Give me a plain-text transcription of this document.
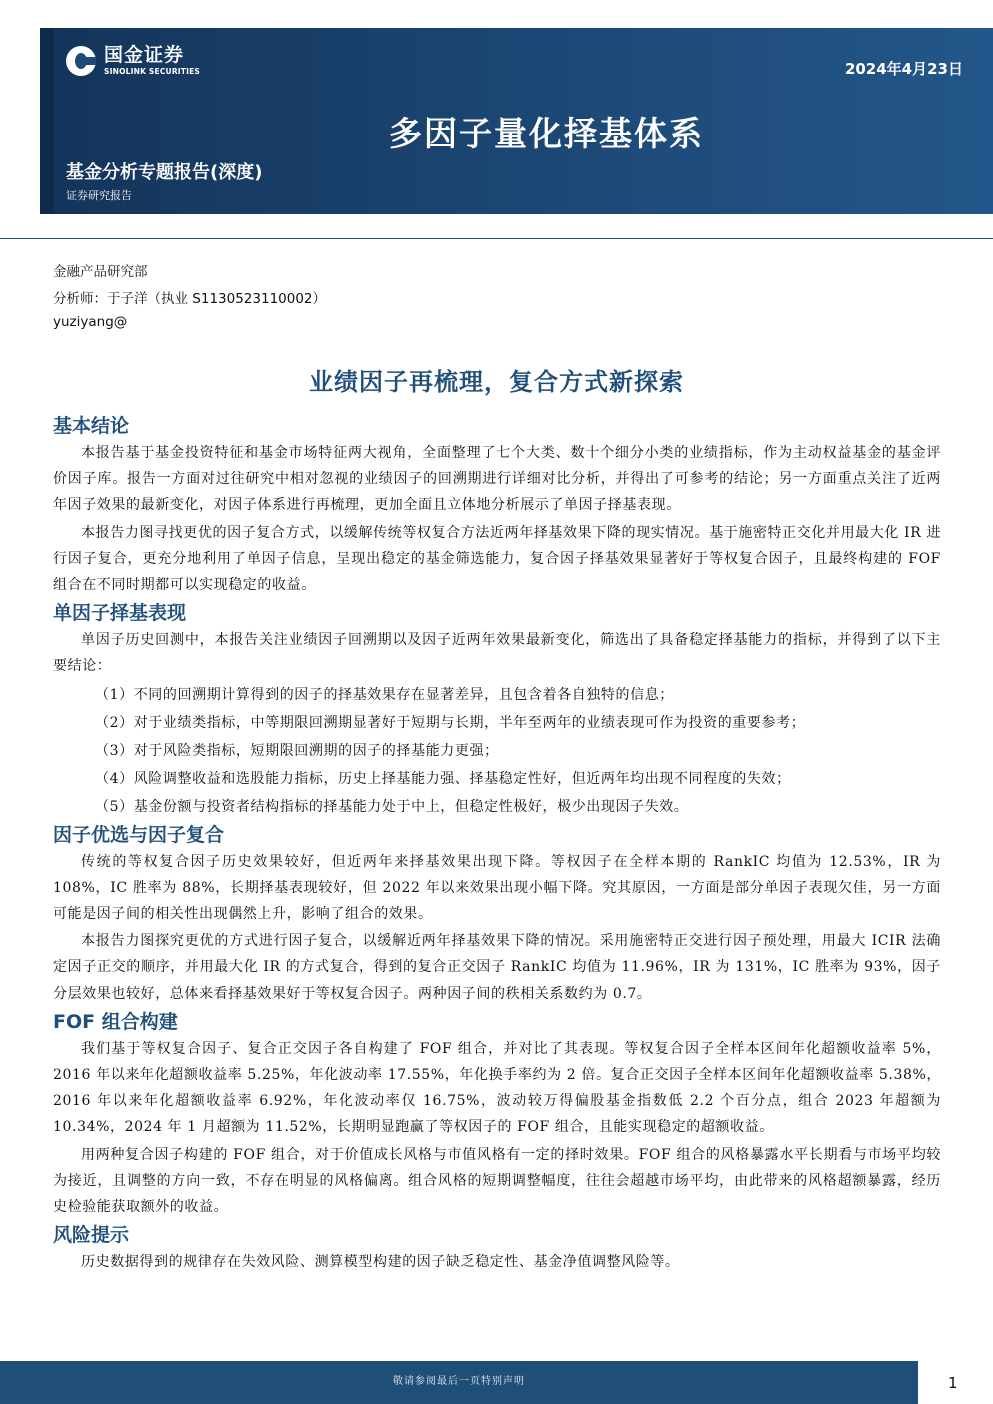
国金证券
SINOLINK SECURITIES	2024年4月23日
多因子量化择基体系
基金分析专题报告(深度)
证券研究报告
金融产品研究部
分析师：于子洋（执业 S1130523110002）
yuziyang@
业绩因子再梳理，复合方式新探索
基本结论

本报告基于基金投资特征和基金市场特征两大视角，全面整理了七个大类、数十个细分小类的业绩指标，作为主动权益基金的基金评价因子库。报告一方面对过往研究中相对忽视的业绩因子的回溯期进行详细对比分析，并得出了可参考的结论；另一方面重点关注了近两年因子效果的最新变化，对因子体系进行再梳理，更加全面且立体地分析展示了单因子择基表现。

本报告力图寻找更优的因子复合方式，以缓解传统等权复合方法近两年择基效果下降的现实情况。基于施密特正交化并用最大化 IR 进行因子复合，更充分地利用了单因子信息，呈现出稳定的基金筛选能力，复合因子择基效果显著好于等权复合因子，且最终构建的 FOF 组合在不同时期都可以实现稳定的收益。

单因子择基表现

单因子历史回测中，本报告关注业绩因子回溯期以及因子近两年效果最新变化，筛选出了具备稳定择基能力的指标，并得到了以下主要结论：

（1）不同的回溯期计算得到的因子的择基效果存在显著差异，且包含着各自独特的信息；

（2）对于业绩类指标，中等期限回溯期显著好于短期与长期，半年至两年的业绩表现可作为投资的重要参考；

（3）对于风险类指标，短期限回溯期的因子的择基能力更强；

（4）风险调整收益和选股能力指标，历史上择基能力强、择基稳定性好，但近两年均出现不同程度的失效；

（5）基金份额与投资者结构指标的择基能力处于中上，但稳定性极好，极少出现因子失效。

因子优选与因子复合

传统的等权复合因子历史效果较好，但近两年来择基效果出现下降。等权因子在全样本期的 RankIC 均值为 12.53%，IR 为 108%，IC 胜率为 88%，长期择基表现较好，但 2022 年以来效果出现小幅下降。究其原因，一方面是部分单因子表现欠佳，另一方面可能是因子间的相关性出现偶然上升，影响了组合的效果。

本报告力图探究更优的方式进行因子复合，以缓解近两年择基效果下降的情况。采用施密特正交进行因子预处理，用最大 ICIR 法确定因子正交的顺序，并用最大化 IR 的方式复合，得到的复合正交因子 RankIC 均值为 11.96%，IR 为 131%，IC 胜率为 93%，因子分层效果也较好，总体来看择基效果好于等权复合因子。两种因子间的秩相关系数约为 0.7。

FOF 组合构建

我们基于等权复合因子、复合正交因子各自构建了 FOF 组合，并对比了其表现。等权复合因子全样本区间年化超额收益率 5%，2016 年以来年化超额收益率 5.25%，年化波动率 17.55%，年化换手率约为 2 倍。复合正交因子全样本区间年化超额收益率 5.38%，2016 年以来年化超额收益率 6.92%，年化波动率仅 16.75%，波动较万得偏股基金指数低 2.2 个百分点，组合 2023 年超额为 10.34%，2024 年 1 月超额为 11.52%，长期明显跑赢了等权因子的 FOF 组合，且能实现稳定的超额收益。

用两种复合因子构建的 FOF 组合，对于价值成长风格与市值风格有一定的择时效果。FOF 组合的风格暴露水平长期看与市场平均较为接近，且调整的方向一致，不存在明显的风格偏离。组合风格的短期调整幅度，往往会超越市场平均，由此带来的风格超额暴露，经历史检验能获取额外的收益。

风险提示

历史数据得到的规律存在失效风险、测算模型构建的因子缺乏稳定性、基金净值调整风险等。

敬请参阅最后一页特别声明	1
